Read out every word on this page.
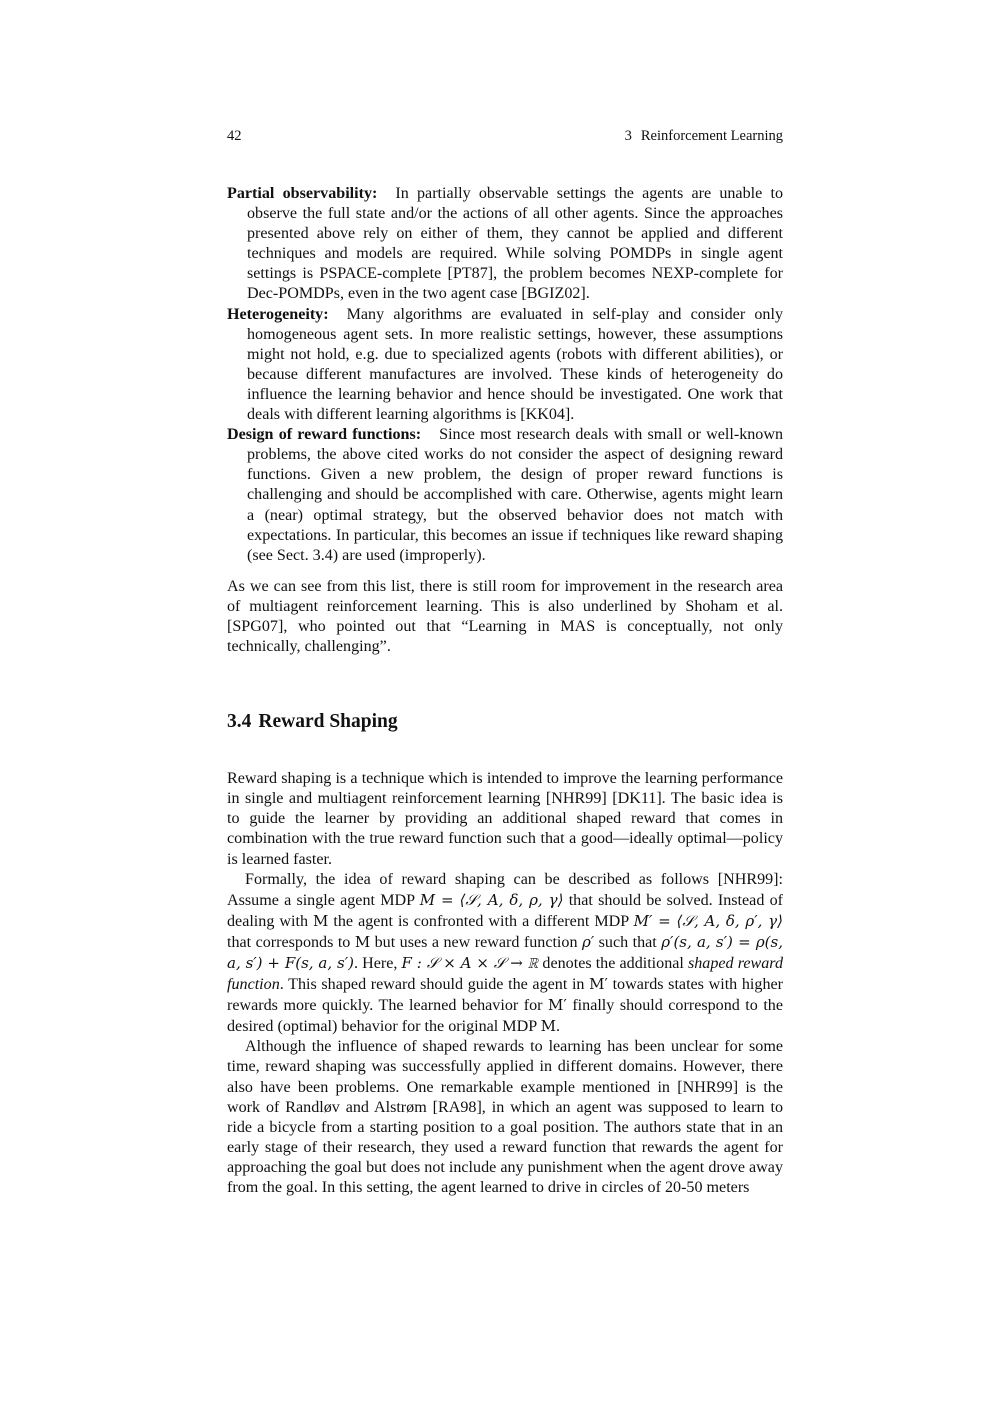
42	3 Reinforcement Learning

Partial observability: In partially observable settings the agents are unable to observe the full state and/or the actions of all other agents. Since the approaches presented above rely on either of them, they cannot be applied and different techniques and models are required. While solving POMDPs in single agent settings is PSPACE-complete [PT87], the problem becomes NEXP-complete for Dec-POMDPs, even in the two agent case [BGIZ02].

Heterogeneity: Many algorithms are evaluated in self-play and consider only homogeneous agent sets. In more realistic settings, however, these assumptions might not hold, e.g. due to specialized agents (robots with different abilities), or because different manufactures are involved. These kinds of heterogeneity do influence the learning behavior and hence should be investigated. One work that deals with different learning algorithms is [KK04].

Design of reward functions: Since most research deals with small or well-known problems, the above cited works do not consider the aspect of designing reward functions. Given a new problem, the design of proper reward functions is challenging and should be accomplished with care. Otherwise, agents might learn a (near) optimal strategy, but the observed behavior does not match with expectations. In particular, this becomes an issue if techniques like reward shaping (see Sect. 3.4) are used (improperly).

As we can see from this list, there is still room for improvement in the research area of multiagent reinforcement learning. This is also underlined by Shoham et al. [SPG07], who pointed out that “Learning in MAS is conceptually, not only technically, challenging”.

3.4 Reward Shaping

Reward shaping is a technique which is intended to improve the learning performance in single and multiagent reinforcement learning [NHR99] [DK11]. The basic idea is to guide the learner by providing an additional shaped reward that comes in combination with the true reward function such that a good—ideally optimal—policy is learned faster.

Formally, the idea of reward shaping can be described as follows [NHR99]: Assume a single agent MDP M = ⟨𝒮, A, δ, ρ, γ⟩ that should be solved. Instead of dealing with M the agent is confronted with a different MDP M′ = ⟨𝒮, A, δ, ρ′, γ⟩ that corresponds to M but uses a new reward function ρ′ such that ρ′(s, a, s′) = ρ(s, a, s′) + F(s, a, s′). Here, F : 𝒮 × A × 𝒮 → ℝ denotes the additional shaped reward function. This shaped reward should guide the agent in M′ towards states with higher rewards more quickly. The learned behavior for M′ finally should correspond to the desired (optimal) behavior for the original MDP M.

Although the influence of shaped rewards to learning has been unclear for some time, reward shaping was successfully applied in different domains. However, there also have been problems. One remarkable example mentioned in [NHR99] is the work of Randløv and Alstrøm [RA98], in which an agent was supposed to learn to ride a bicycle from a starting position to a goal position. The authors state that in an early stage of their research, they used a reward function that rewards the agent for approaching the goal but does not include any punishment when the agent drove away from the goal. In this setting, the agent learned to drive in circles of 20-50 meters
